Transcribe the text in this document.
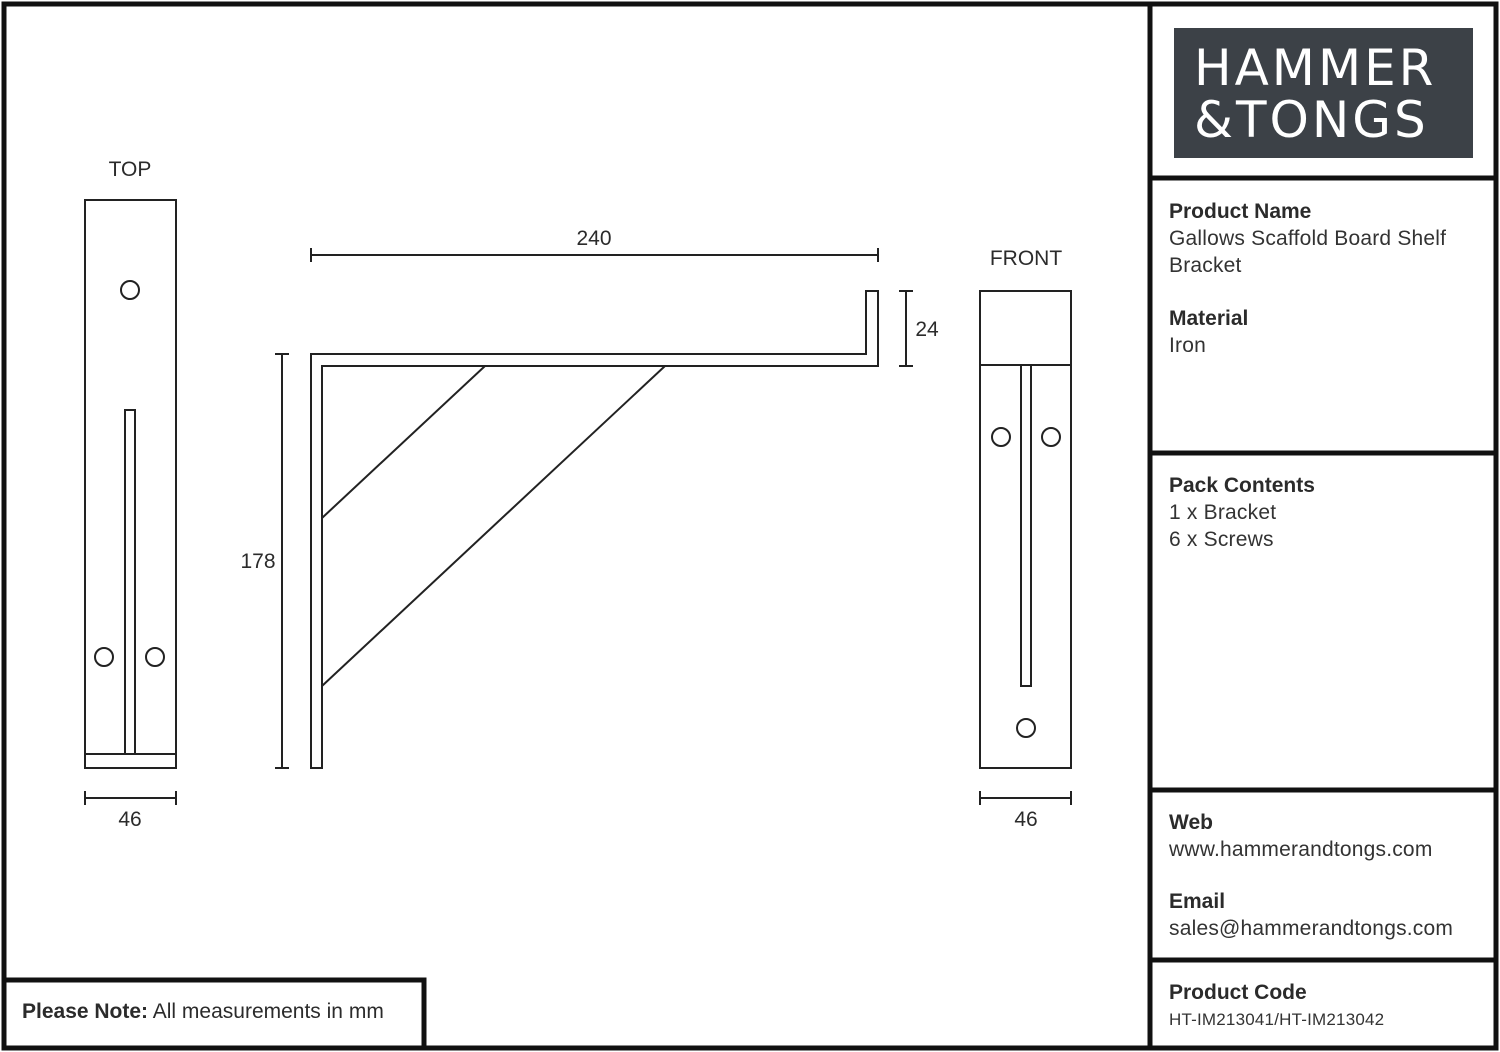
TOP
46
240
178
24
FRONT
46
HAMMER
&TONGS
Product Name
Gallows Scaffold Board Shelf
Bracket
Material
Iron
Pack Contents
1 x Bracket
6 x Screws
Web
www.hammerandtongs.com
Email
sales@hammerandtongs.com
Product Code
HT-IM213041/HT-IM213042
Please Note: All measurements in mm
